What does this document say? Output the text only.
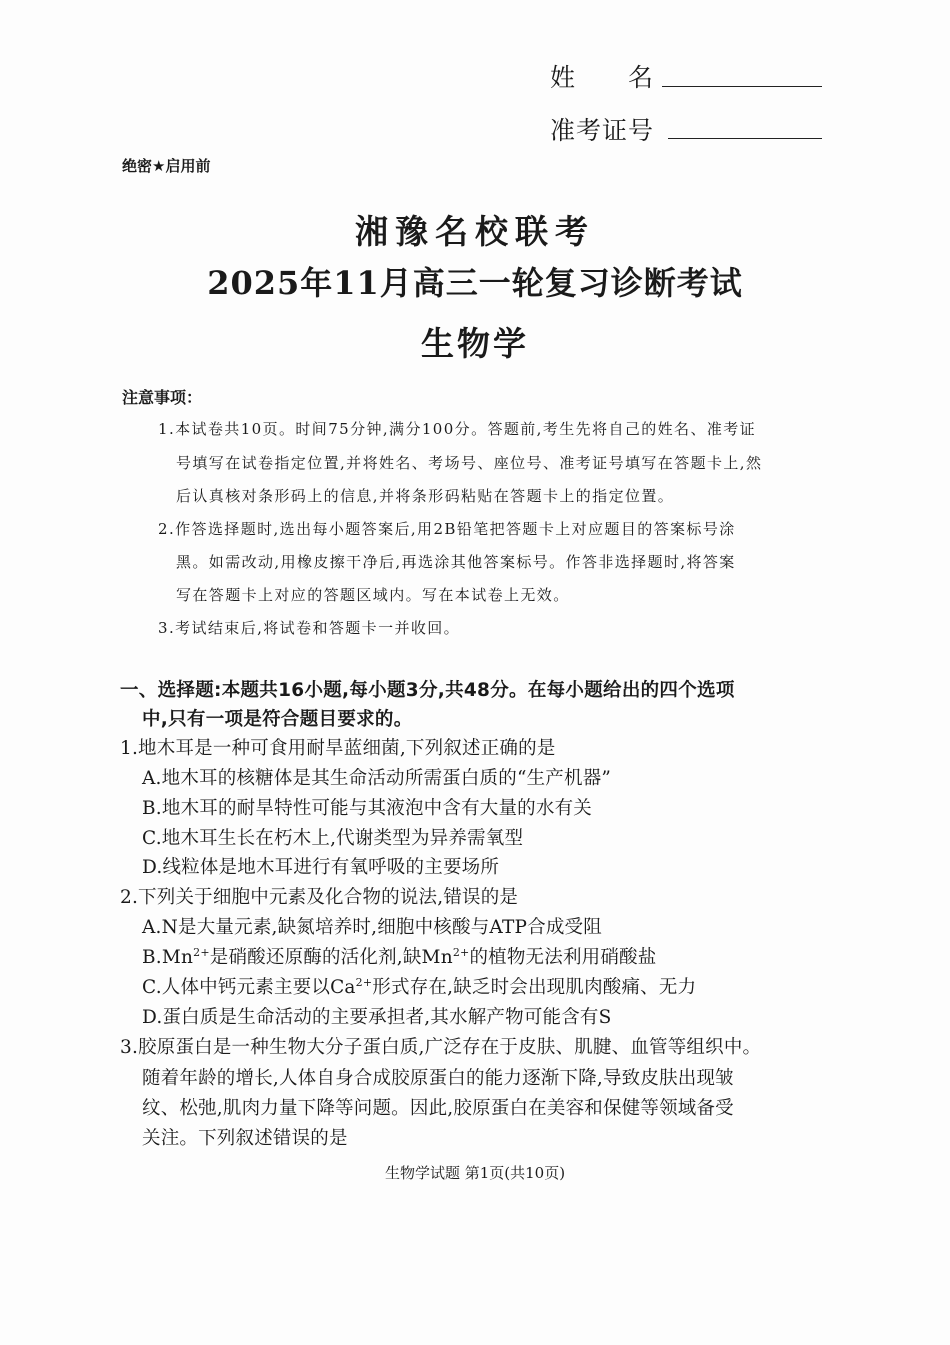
姓　　名
准考证号
绝密★启用前
湘豫名校联考
2025年11月高三一轮复习诊断考试
生物学
注意事项：
1.本试卷共10页。时间75分钟,满分100分。答题前,考生先将自己的姓名、准考证
号填写在试卷指定位置,并将姓名、考场号、座位号、准考证号填写在答题卡上,然
后认真核对条形码上的信息,并将条形码粘贴在答题卡上的指定位置。
2.作答选择题时,选出每小题答案后,用2B铅笔把答题卡上对应题目的答案标号涂
黑。如需改动,用橡皮擦干净后,再选涂其他答案标号。作答非选择题时,将答案
写在答题卡上对应的答题区域内。写在本试卷上无效。
3.考试结束后,将试卷和答题卡一并收回。
一、选择题:本题共16小题,每小题3分,共48分。在每小题给出的四个选项
中,只有一项是符合题目要求的。
1.地木耳是一种可食用耐旱蓝细菌,下列叙述正确的是
A.地木耳的核糖体是其生命活动所需蛋白质的“生产机器”
B.地木耳的耐旱特性可能与其液泡中含有大量的水有关
C.地木耳生长在朽木上,代谢类型为异养需氧型
D.线粒体是地木耳进行有氧呼吸的主要场所
2.下列关于细胞中元素及化合物的说法,错误的是
A.N是大量元素,缺氮培养时,细胞中核酸与ATP合成受阻
$B.Mn^{2+}$是硝酸还原酶的活化剂,缺$Mn^{2+}$的植物无法利用硝酸盐
C.人体中钙元素主要以$Ca^{2+}$形式存在,缺乏时会出现肌肉酸痛、无力
D.蛋白质是生命活动的主要承担者,其水解产物可能含有S
3.胶原蛋白是一种生物大分子蛋白质,广泛存在于皮肤、肌腱、血管等组织中。
随着年龄的增长,人体自身合成胶原蛋白的能力逐渐下降,导致皮肤出现皱
纹、松弛,肌肉力量下降等问题。因此,胶原蛋白在美容和保健等领域备受
关注。下列叙述错误的是
生物学试题 第1页(共10页)
